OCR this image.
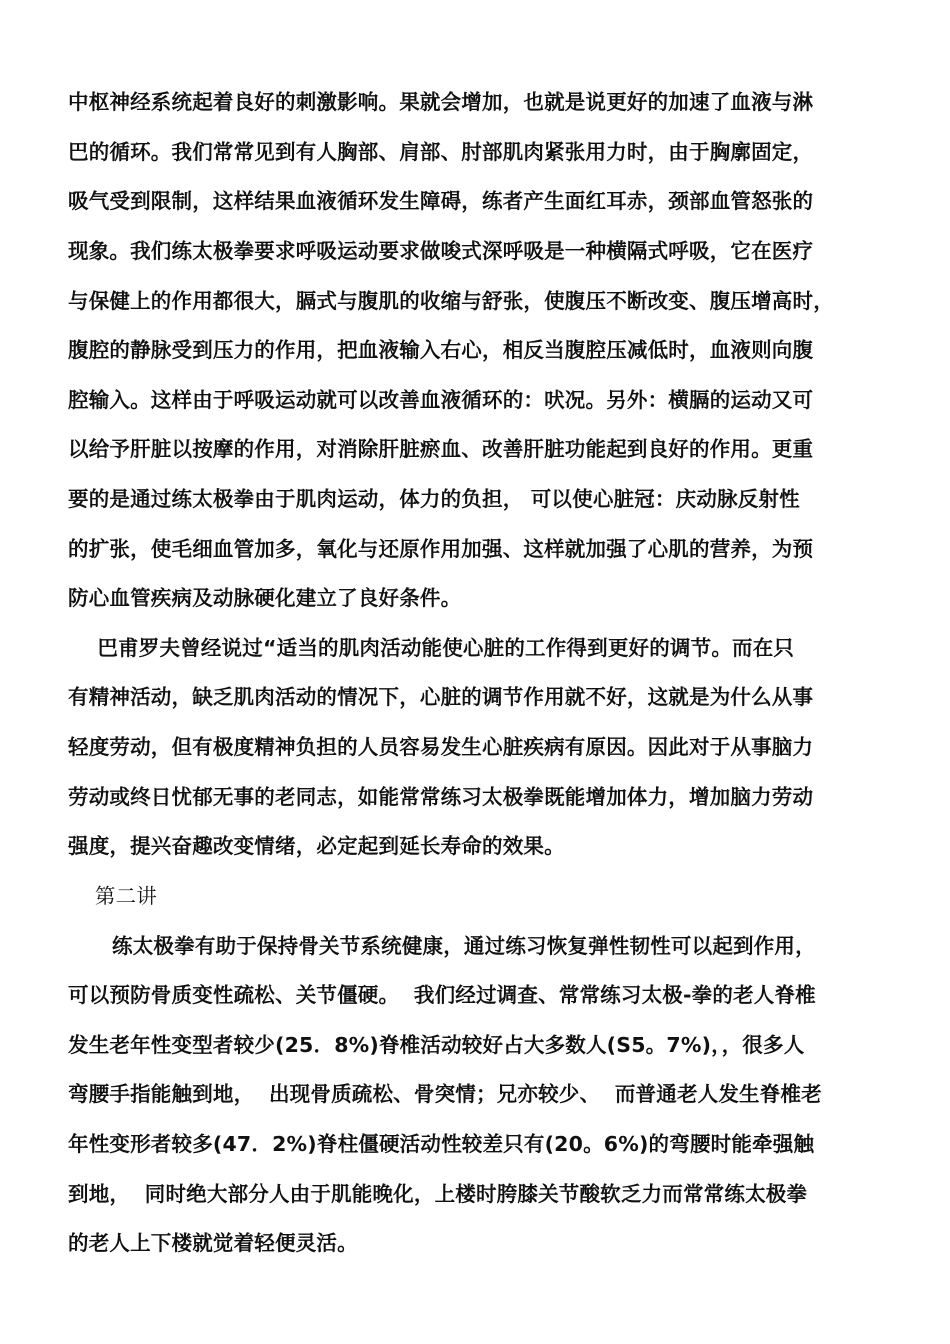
中枢神经系统起着良好的刺激影响。果就会增加，也就是说更好的加速了血液与淋
巴的循环。我们常常见到有人胸部、肩部、肘部肌肉紧张用力时，由于胸廓固定，
吸气受到限制，这样结果血液循环发生障碍，练者产生面红耳赤，颈部血管怒张的
现象。我们练太极拳要求呼吸运动要求做唆式深呼吸是一种横隔式呼吸，它在医疗
与保健上的作用都很大，膈式与腹肌的收缩与舒张，使腹压不断改变、腹压增高时，
腹腔的静脉受到压力的作用，把血液输入右心，相反当腹腔压减低时，血液则向腹
腔输入。这样由于呼吸运动就可以改善血液循环的：吠况。另外：横膈的运动又可
以给予肝脏以按摩的作用，对消除肝脏瘀血、改善肝脏功能起到良好的作用。更重
要的是通过练太极拳由于肌肉运动，体力的负担， 可以使心脏冠：庆动脉反射性
的扩张，使毛细血管加多，氧化与还原作用加强、这样就加强了心肌的营养，为预
防心血管疾病及动脉硬化建立了良好条件。
巴甫罗夫曾经说过“适当的肌肉活动能使心脏的工作得到更好的调节。而在只
有精神活动，缺乏肌肉活动的情况下，心脏的调节作用就不好，这就是为什么从事
轻度劳动，但有极度精神负担的人员容易发生心脏疾病有原因。因此对于从事脑力
劳动或终日忧郁无事的老同志，如能常常练习太极拳既能增加体力，增加脑力劳动
强度，提兴奋趣改变情绪，必定起到延长寿命的效果。
第二讲
练太极拳有助于保持骨关节系统健康，通过练习恢复弹性韧性可以起到作用，
可以预防骨质变性疏松、关节僵硬。  我们经过调查、常常练习太极-拳的老人脊椎
发生老年性变型者较少(25．8%)脊椎活动较好占大多数人(S5。7%)，，很多人
弯腰手指能触到地，  出现骨质疏松、骨突情；兄亦较少、  而普通老人发生脊椎老
年性变形者较多(47．2%)脊柱僵硬活动性较差只有(20。6%)的弯腰时能牵强触
到地，  同时绝大部分人由于肌能晚化，上楼时胯膝关节酸软乏力而常常练太极拳
的老人上下楼就觉着轻便灵活。
